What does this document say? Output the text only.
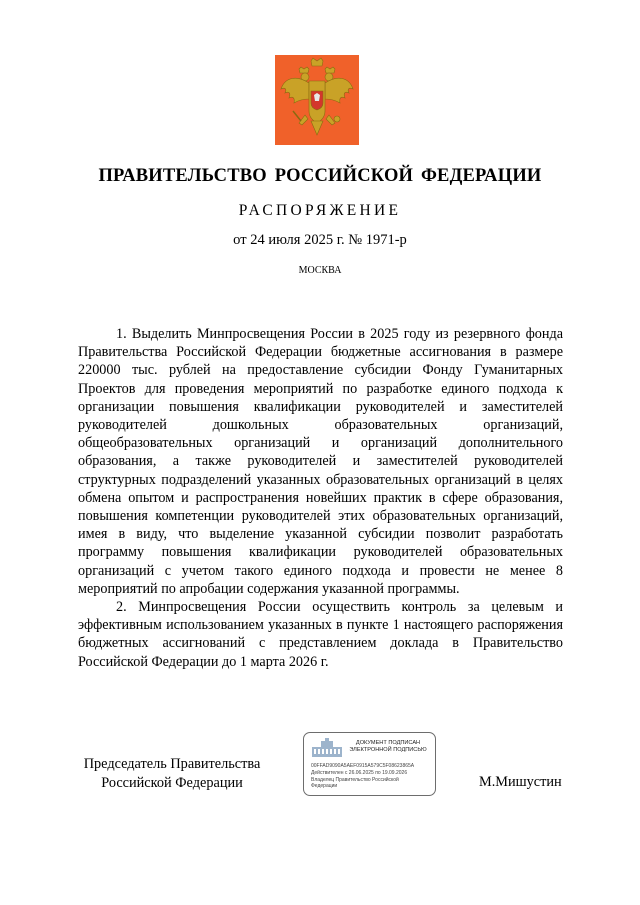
ПРАВИТЕЛЬСТВО РОССИЙСКОЙ ФЕДЕРАЦИИ
РАСПОРЯЖЕНИЕ
от 24 июля 2025 г. № 1971-р
МОСКВА

1. Выделить Минпросвещения России в 2025 году из резервного фонда Правительства Российской Федерации бюджетные ассигнования в размере 220000 тыс. рублей на предоставление субсидии Фонду Гуманитарных Проектов для проведения мероприятий по разработке единого подхода к организации повышения квалификации руководителей и заместителей руководителей дошкольных образовательных организаций, общеобразовательных организаций и организаций дополнительного образования, а также руководителей и заместителей руководителей структурных подразделений указанных образовательных организаций в целях обмена опытом и распространения новейших практик в сфере образования, повышения компетенции руководителей этих образовательных организаций, имея в виду, что выделение указанной субсидии позволит разработать программу повышения квалификации руководителей образовательных организаций с учетом такого единого подхода и провести не менее 8 мероприятий по апробации содержания указанной программы.

2. Минпросвещения России осуществить контроль за целевым и эффективным использованием указанных в пункте 1 настоящего распоряжения бюджетных ассигнований с представлением доклада в Правительство Российской Федерации до 1 марта 2026 г.

Председатель Правительства
Российской Федерации
ДОКУМЕНТ ПОДПИСАН
ЭЛЕКТРОННОЙ ПОДПИСЬЮ
00FFAD9090A5AEF0915A579C5F08623865A
Действителен с 26.06.2025 по 19.09.2026
Владелец Правительство Российской
Федерации	М.Мишустин
